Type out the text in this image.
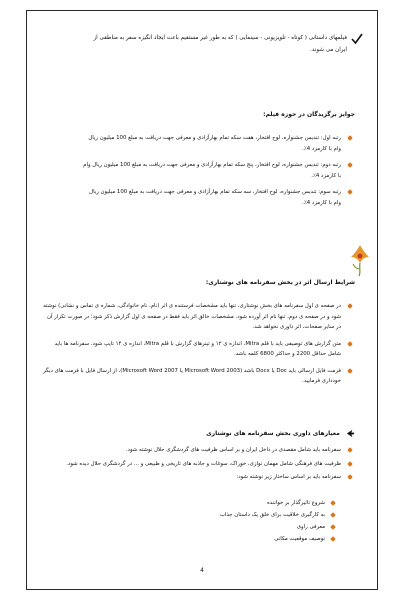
فیلمهای داستانی ( کوتاه - تلویزیونی - سینمایی ) که به طور غیر مستقیم باعث ایجاد انگیزه سفر به مناطقی از ایران می شوند.
جوایز برگزیدگان در حوزه فیلم:
رتبه اول: تندیس جشنواره، لوح افتخار، هفت سکه تمام بهارآزادی و معرفی جهت دریافت به مبلغ 100 میلیون ریال وام با کارمزد 4٪.
رتبه دوم: تندیس جشنواره، لوح افتخار، پنج سکه تمام بهارآزادی و معرفی جهت دریافت به مبلغ 100 میلیون ریال وام با کارمزد 4٪.
رتبه سوم: تندیس جشنواره، لوح افتخار، سه سکه تمام بهارآزادی و معرفی جهت دریافت به مبلغ 100 میلیون ریال وام با کارمزد 4٪.
شرایط ارسال اثر در بخش سفرنامه های نوشتاری:
در صفحه ی اول سفرنامه های بخش نوشتاری، تنها باید مشخصات فرستنده ی اثر (نام، نام خانوادگی، شماره ی تماس و نشانی) نوشته شود و در صفحه ی دوم، تنها نام اثر آورده شود. مشخصات خالق اثر باید فقط در صفحه ی اول گزارش ذکر شود؛ در صورت تکرار آن در سایر صفحات، اثر داوری نخواهد شد.
متن گزارش های توصیفی باید با قلم Mitra، اندازه ی ۱۲ و تیترهای گزارش با قلم Mitra، اندازه ی ۱۴ تایپ شود. سفرنامه ها باید شامل حداقل 2200 و حداکثر 6800 کلمه باشد.
فرمت فایل ارسالی باید Doc یا Docx باشد (Microsoft Word 2003 یا Microsoft Word 2007)، از ارسال فایل با فرمت های دیگر خودداری فرمایید.
معیارهای داوری بخش سفرنامه های نوشتاری
سفرنامه باید شامل مقصدی در داخل ایران و بر اساس ظرفیت های گردشگری حلال نوشته شود.
ظرفیت های فرهنگی شامل مهمان نوازی، خوراک، سوغات و جاذبه های تاریخی و طبیعی و ... در گردشگری حلال دیده شود.
سفرنامه باید بر اساس ساختار زیر نوشته شود:
شروع تاثیرگذار بر خواننده
به کارگیری خلاقیت برای خلق یک داستان جذاب
معرفی راوی
توصیف موقعیت مکانی
4
